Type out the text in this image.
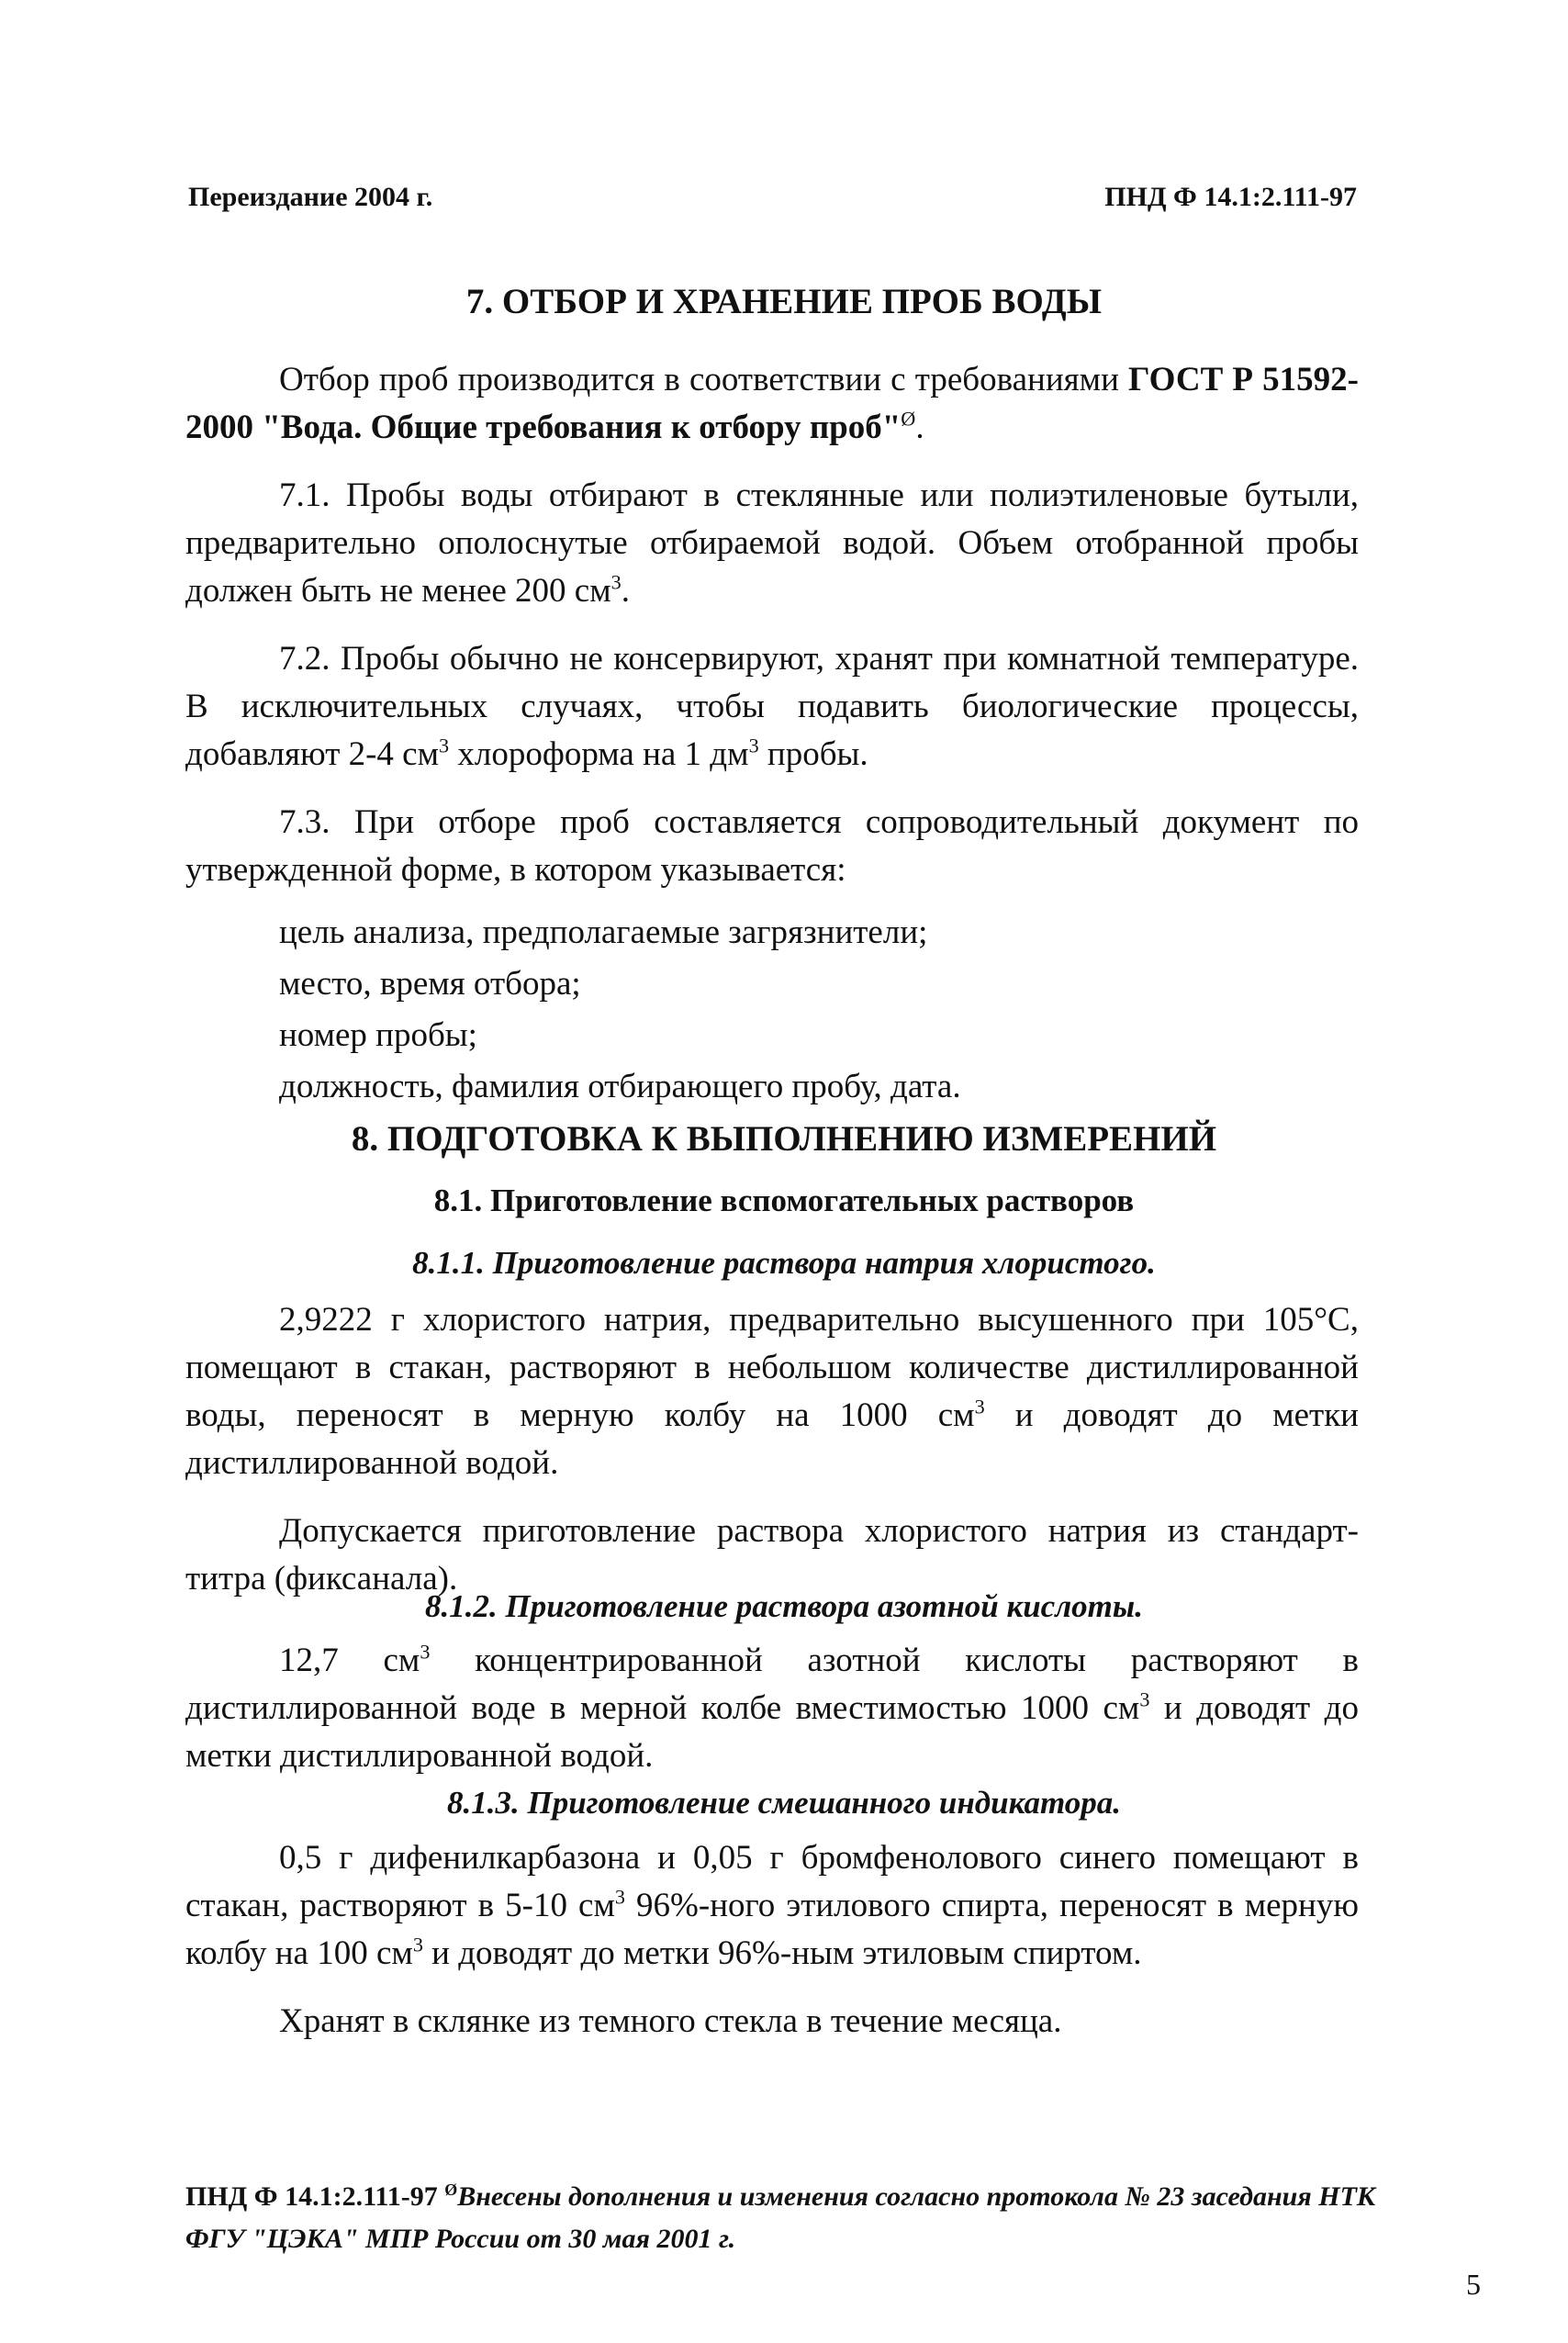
Переиздание 2004 г.	ПНД Ф 14.1:2.111-97
7. ОТБОР И ХРАНЕНИЕ ПРОБ ВОДЫ

Отбор проб производится в соответствии с требованиями ГОСТ Р 51592-2000 "Вода. Общие требования к отбору проб"$^Ø$.

7.1. Пробы воды отбирают в стеклянные или полиэтиленовые бутыли, предварительно ополоснутые отбираемой водой. Объем отобранной пробы должен быть не менее 200 $см^3$.

7.2. Пробы обычно не консервируют, хранят при комнатной температуре. В исключительных случаях, чтобы подавить биологические процессы, добавляют 2-4 $см^3$ хлороформа на 1 $дм^3$ пробы.

7.3. При отборе проб составляется сопроводительный документ по утвержденной форме, в котором указывается:

цель анализа, предполагаемые загрязнители;

место, время отбора;

номер пробы;

должность, фамилия отбирающего пробу, дата.

8. ПОДГОТОВКА К ВЫПОЛНЕНИЮ ИЗМЕРЕНИЙ
8.1. Приготовление вспомогательных растворов
8.1.1. Приготовление раствора натрия хлористого.

2,9222 г хлористого натрия, предварительно высушенного при 105°С, помещают в стакан, растворяют в небольшом количестве дистиллированной воды, переносят в мерную колбу на 1000 $см^3$ и доводят до метки дистиллированной водой.

Допускается приготовление раствора хлористого натрия из стандарт-титра (фиксанала).

8.1.2. Приготовление раствора азотной кислоты.

12,7 $см^3$ концентрированной азотной кислоты растворяют в дистиллированной воде в мерной колбе вместимостью 1000 $см^3$ и доводят до метки дистиллированной водой.

8.1.3. Приготовление смешанного индикатора.

0,5 г дифенилкарбазона и 0,05 г бромфенолового синего помещают в стакан, растворяют в 5-10 $см^3$ 96%-ного этилового спирта, переносят в мерную колбу на 100 $см^3$ и доводят до метки 96%-ным этиловым спиртом.

Хранят в склянке из темного стекла в течение месяца.

ПНД Ф 14.1:2.111-97 $^Ø$Внесены дополнения и изменения согласно протокола № 23 заседания НТК ФГУ "ЦЭКА" МПР России от 30 мая 2001 г.
5
